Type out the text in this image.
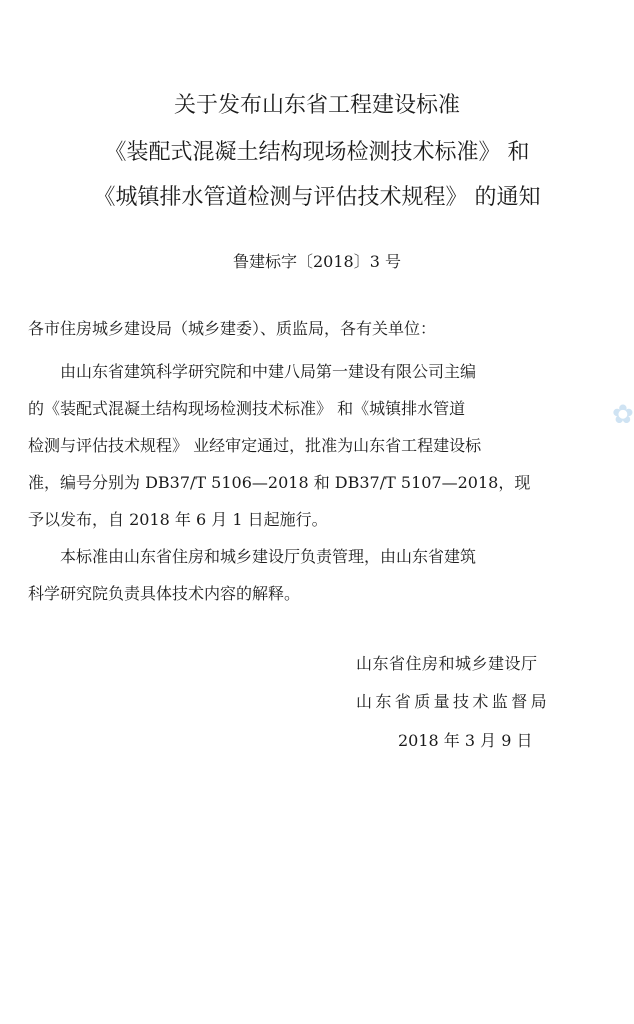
关于发布山东省工程建设标准
《装配式混凝土结构现场检测技术标准》 和
《城镇排水管道检测与评估技术规程》 的通知
鲁建标字〔2018〕3 号
各市住房城乡建设局（城乡建委）、质监局，各有关单位：
由山东省建筑科学研究院和中建八局第一建设有限公司主编
的《装配式混凝土结构现场检测技术标准》 和《城镇排水管道
检测与评估技术规程》 业经审定通过，批准为山东省工程建设标
准，编号分别为 DB37/T 5106—2018 和 DB37/T 5107—2018，现
予以发布，自 2018 年 6 月 1 日起施行。
本标准由山东省住房和城乡建设厅负责管理，由山东省建筑
科学研究院负责具体技术内容的解释。
山东省住房和城乡建设厅
山东省质量技术监督局
2018 年 3 月 9 日
✿
